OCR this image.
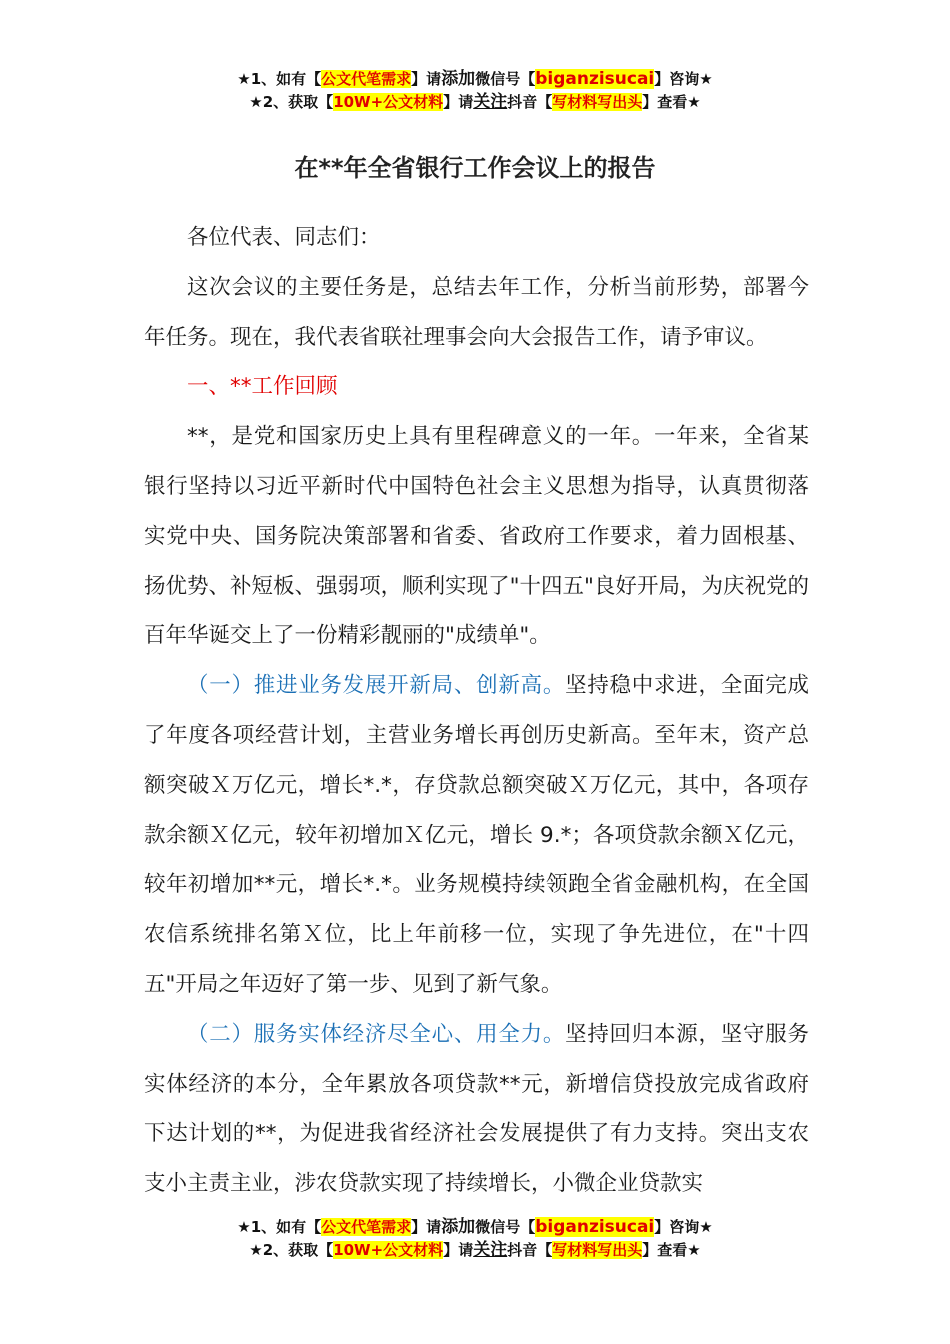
★1、如有【公文代笔需求】请添加微信号【biganzisucai】咨询★
★2、获取【10W+公文材料】请关注抖音【写材料写出头】查看★
在**年全省银行工作会议上的报告

各位代表、同志们：

这次会议的主要任务是，总结去年工作，分析当前形势，部署今年任务。现在，我代表省联社理事会向大会报告工作，请予审议。

一、**工作回顾

**，是党和国家历史上具有里程碑意义的一年。一年来，全省某银行坚持以习近平新时代中国特色社会主义思想为指导，认真贯彻落实党中央、国务院决策部署和省委、省政府工作要求，着力固根基、扬优势、补短板、强弱项，顺利实现了"十四五"良好开局，为庆祝党的百年华诞交上了一份精彩靓丽的"成绩单"。

（一）推进业务发展开新局、创新高。坚持稳中求进，全面完成了年度各项经营计划，主营业务增长再创历史新高。至年末，资产总额突破Ｘ万亿元，增长*.*，存贷款总额突破Ｘ万亿元，其中，各项存款余额Ｘ亿元，较年初增加Ｘ亿元，增长 9.*；各项贷款余额Ｘ亿元，较年初增加**元，增长*.*。业务规模持续领跑全省金融机构，在全国农信系统排名第Ｘ位，比上年前移一位，实现了争先进位，在"十四五"开局之年迈好了第一步、见到了新气象。

（二）服务实体经济尽全心、用全力。坚持回归本源，坚守服务实体经济的本分，全年累放各项贷款**元，新增信贷投放完成省政府下达计划的**，为促进我省经济社会发展提供了有力支持。突出支农支小主责主业，涉农贷款实现了持续增长，小微企业贷款实

★1、如有【公文代笔需求】请添加微信号【biganzisucai】咨询★
★2、获取【10W+公文材料】请关注抖音【写材料写出头】查看★
